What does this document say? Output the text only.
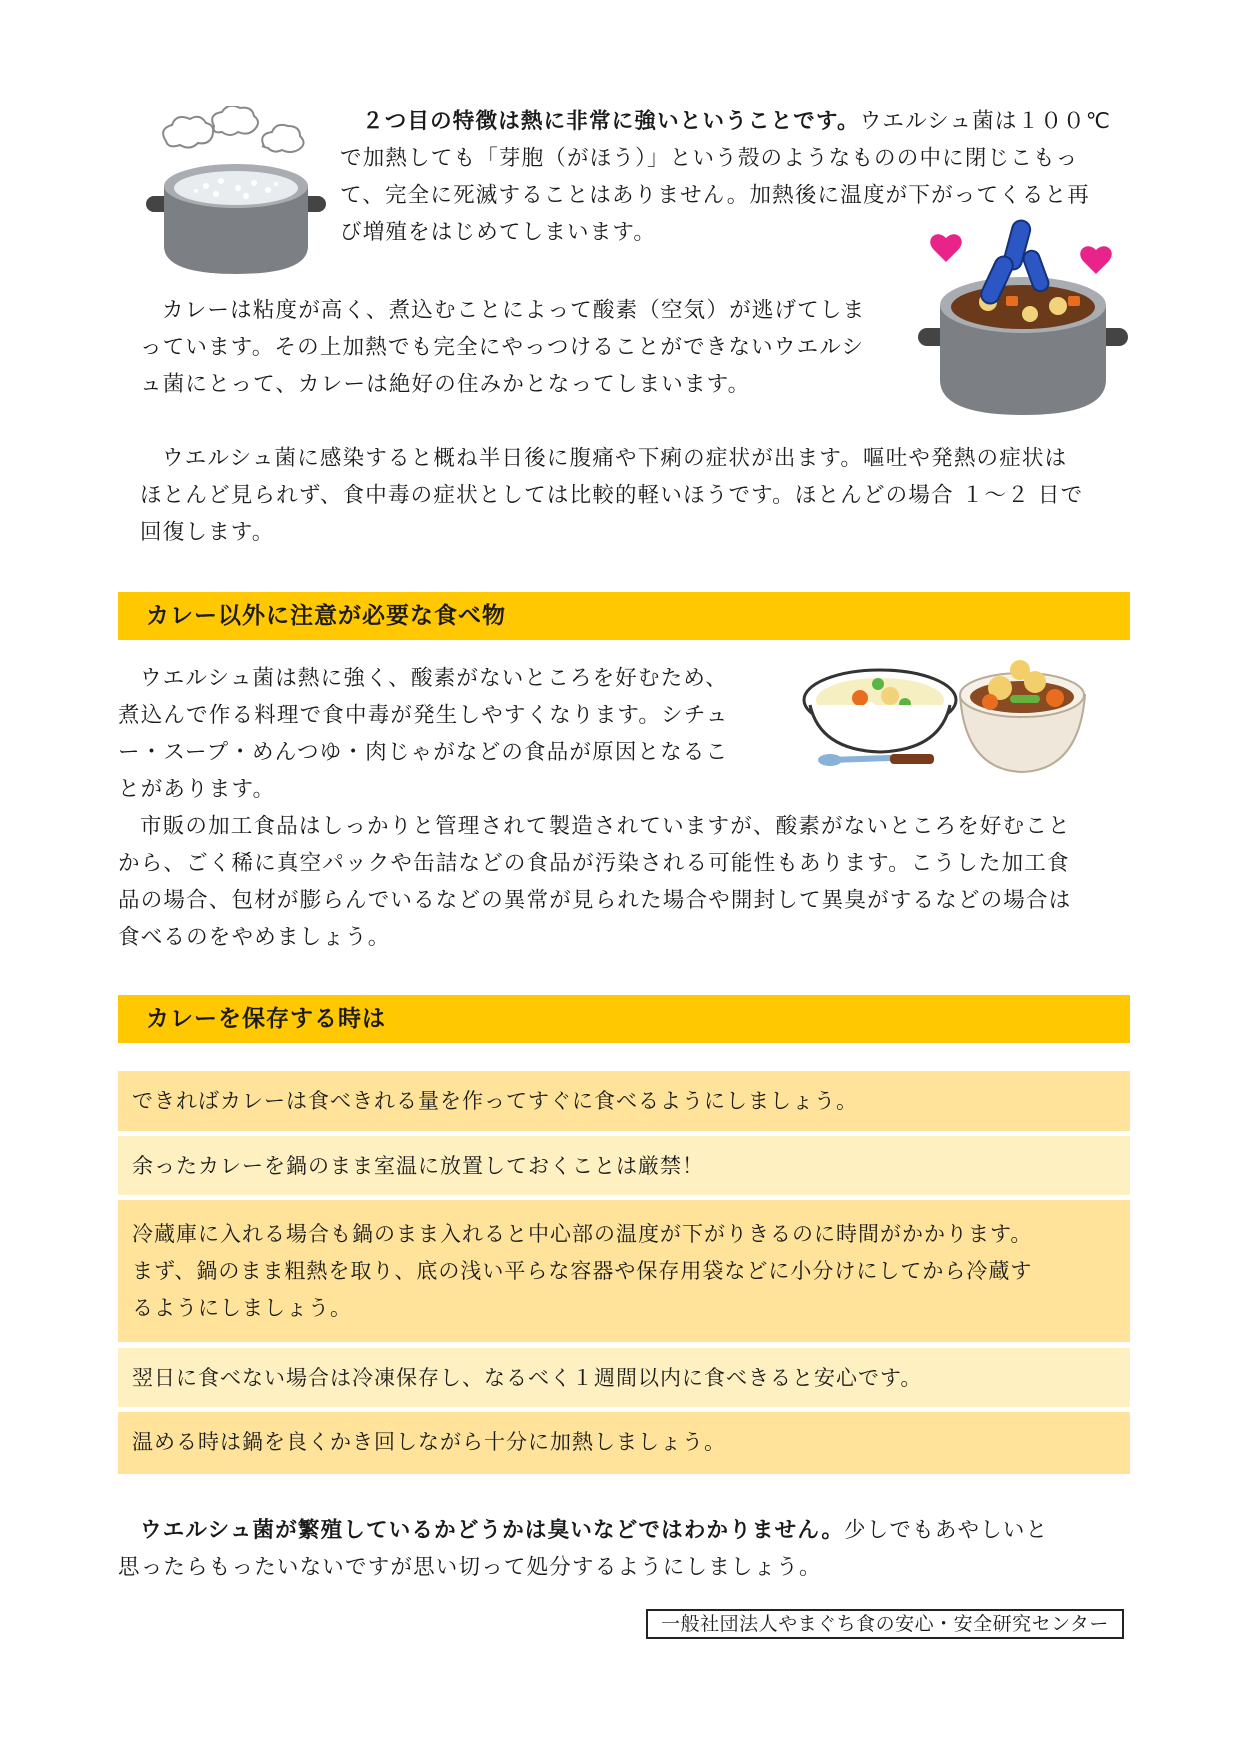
２つ目の特徴は熱に非常に強いということです。ウエルシュ菌は１００℃
で加熱しても「芽胞（がほう）」という殻のようなものの中に閉じこもっ
て、完全に死滅することはありません。加熱後に温度が下がってくると再
び増殖をはじめてしまいます。

カレーは粘度が高く、煮込むことによって酸素（空気）が逃げてしま
っています。その上加熱でも完全にやっつけることができないウエルシ
ュ菌にとって、カレーは絶好の住みかとなってしまいます。

ウエルシュ菌に感染すると概ね半日後に腹痛や下痢の症状が出ます。嘔吐や発熱の症状は
ほとんど見られず、食中毒の症状としては比較的軽いほうです。ほとんどの場合 １～２ 日で
回復します。

カレー以外に注意が必要な食べ物

ウエルシュ菌は熱に強く、酸素がないところを好むため、
煮込んで作る料理で食中毒が発生しやすくなります。シチュ
ー・スープ・めんつゆ・肉じゃがなどの食品が原因となるこ
とがあります。

市販の加工食品はしっかりと管理されて製造されていますが、酸素がないところを好むこと
から、ごく稀に真空パックや缶詰などの食品が汚染される可能性もあります。こうした加工食
品の場合、包材が膨らんでいるなどの異常が見られた場合や開封して異臭がするなどの場合は
食べるのをやめましょう。

カレーを保存する時は
できればカレーは食べきれる量を作ってすぐに食べるようにしましょう。
余ったカレーを鍋のまま室温に放置しておくことは厳禁！
冷蔵庫に入れる場合も鍋のまま入れると中心部の温度が下がりきるのに時間がかかります。
まず、鍋のまま粗熱を取り、底の浅い平らな容器や保存用袋などに小分けにしてから冷蔵す
るようにしましょう。
翌日に食べない場合は冷凍保存し、なるべく１週間以内に食べきると安心です。
温める時は鍋を良くかき回しながら十分に加熱しましょう。

ウエルシュ菌が繁殖しているかどうかは臭いなどではわかりません。少しでもあやしいと
思ったらもったいないですが思い切って処分するようにしましょう。

一般社団法人やまぐち食の安心・安全研究センター
